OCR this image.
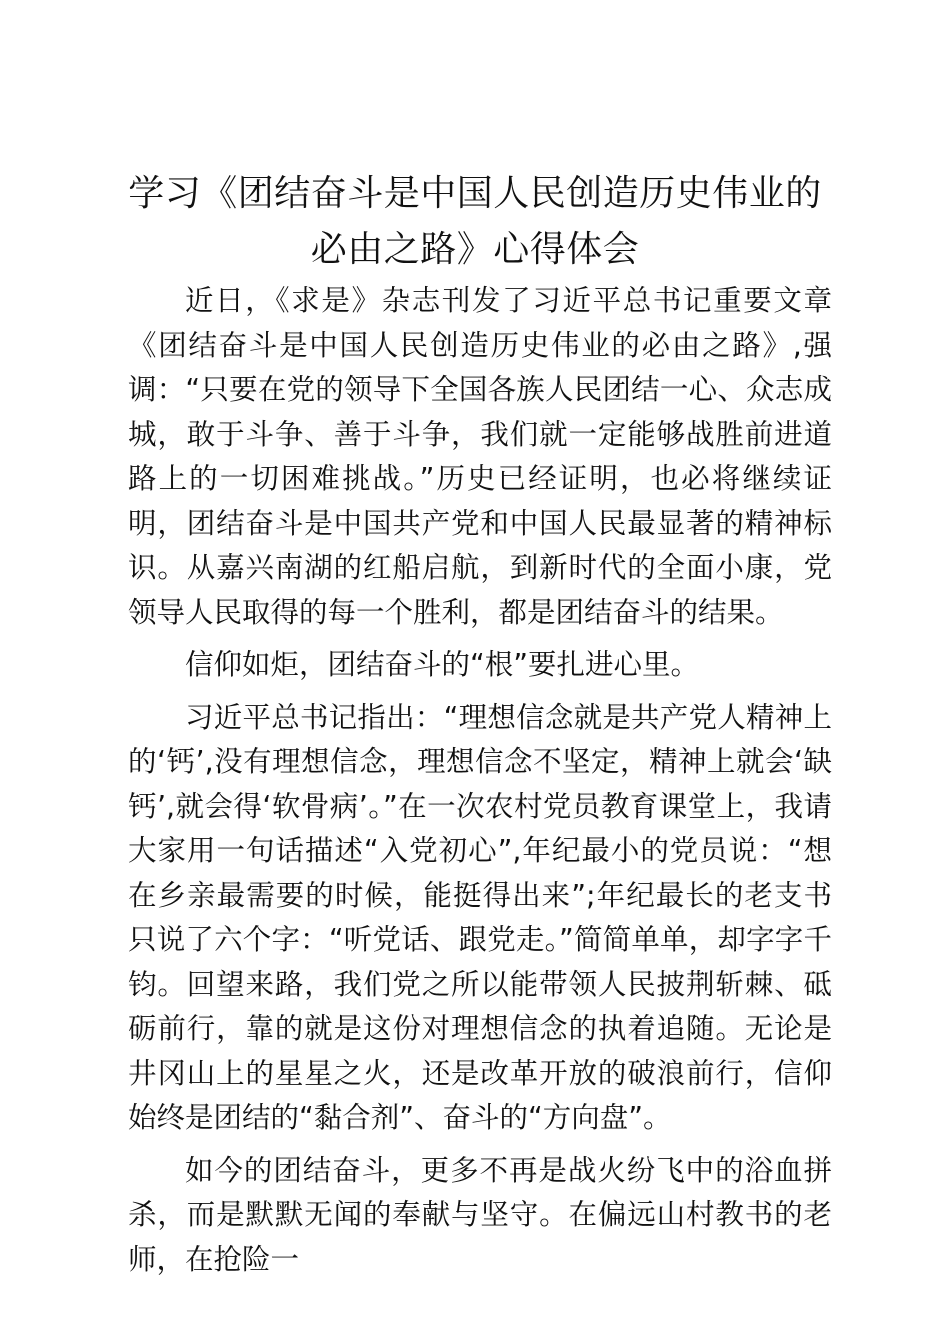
学习《团结奋斗是中国人民创造历史伟业的必由之路》心得体会

近日，《求是》杂志刊发了习近平总书记重要文章《团结奋斗是中国人民创造历史伟业的必由之路》,强调：“只要在党的领导下全国各族人民团结一心、众志成城，敢于斗争、善于斗争，我们就一定能够战胜前进道路上的一切困难挑战。”历史已经证明，也必将继续证明，团结奋斗是中国共产党和中国人民最显著的精神标识。从嘉兴南湖的红船启航，到新时代的全面小康，党领导人民取得的每一个胜利，都是团结奋斗的结果。

信仰如炬，团结奋斗的“根”要扎进心里。

习近平总书记指出：“理想信念就是共产党人精神上的‘钙’,没有理想信念，理想信念不坚定，精神上就会‘缺钙’,就会得‘软骨病’。”在一次农村党员教育课堂上，我请大家用一句话描述“入党初心”,年纪最小的党员说：“想在乡亲最需要的时候，能挺得出来”;年纪最长的老支书只说了六个字：“听党话、跟党走。”简简单单，却字字千钧。回望来路，我们党之所以能带领人民披荆斩棘、砥砺前行，靠的就是这份对理想信念的执着追随。无论是井冈山上的星星之火，还是改革开放的破浪前行，信仰始终是团结的“黏合剂”、奋斗的“方向盘”。

如今的团结奋斗，更多不再是战火纷飞中的浴血拼杀，而是默默无闻的奉献与坚守。在偏远山村教书的老师，在抢险一
